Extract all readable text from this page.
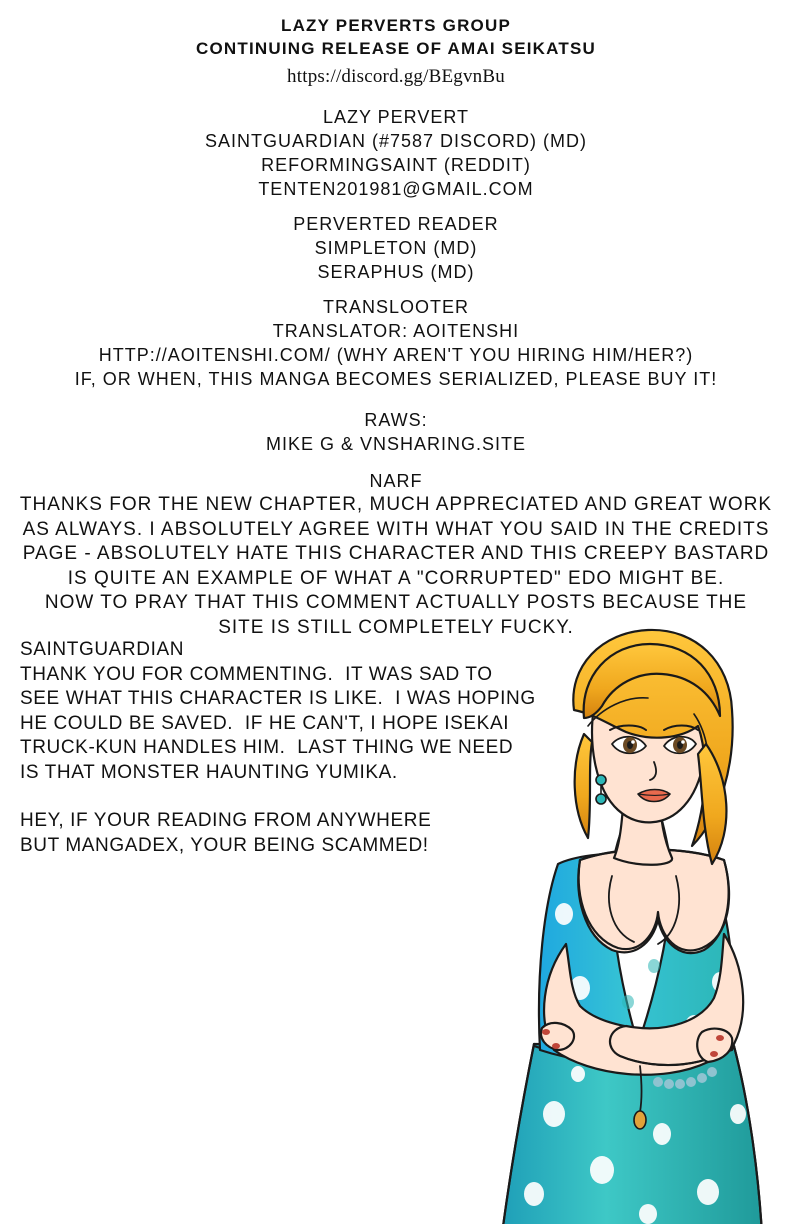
LAZY PERVERTS GROUP
CONTINUING RELEASE OF AMAI SEIKATSU
https://discord.gg/BEgvnBu
LAZY PERVERT
SAINTGUARDIAN (#7587 DISCORD) (MD)
REFORMINGSAINT (REDDIT)
TENTEN201981@GMAIL.COM
PERVERTED READER
SIMPLETON (MD)
SERAPHUS (MD)
TRANSLOOTER
TRANSLATOR: AOITENSHI
HTTP://AOITENSHI.COM/ (WHY AREN'T YOU HIRING HIM/HER?)
IF, OR WHEN, THIS MANGA BECOMES SERIALIZED, PLEASE BUY IT!
RAWS:
MIKE G & VNSHARING.SITE
NARF
THANKS FOR THE NEW CHAPTER, MUCH APPRECIATED AND GREAT WORK
AS ALWAYS. I ABSOLUTELY AGREE WITH WHAT YOU SAID IN THE CREDITS
PAGE - ABSOLUTELY HATE THIS CHARACTER AND THIS CREEPY BASTARD
IS QUITE AN EXAMPLE OF WHAT A "CORRUPTED" EDO MIGHT BE.
NOW TO PRAY THAT THIS COMMENT ACTUALLY POSTS BECAUSE THE
SITE IS STILL COMPLETELY FUCKY.
SAINTGUARDIAN
THANK YOU FOR COMMENTING.  IT WAS SAD TO
SEE WHAT THIS CHARACTER IS LIKE.  I WAS HOPING
HE COULD BE SAVED.  IF HE CAN'T, I HOPE ISEKAI
TRUCK-KUN HANDLES HIM.  LAST THING WE NEED
IS THAT MONSTER HAUNTING YUMIKA.
HEY, IF YOUR READING FROM ANYWHERE
BUT MANGADEX, YOUR BEING SCAMMED!
